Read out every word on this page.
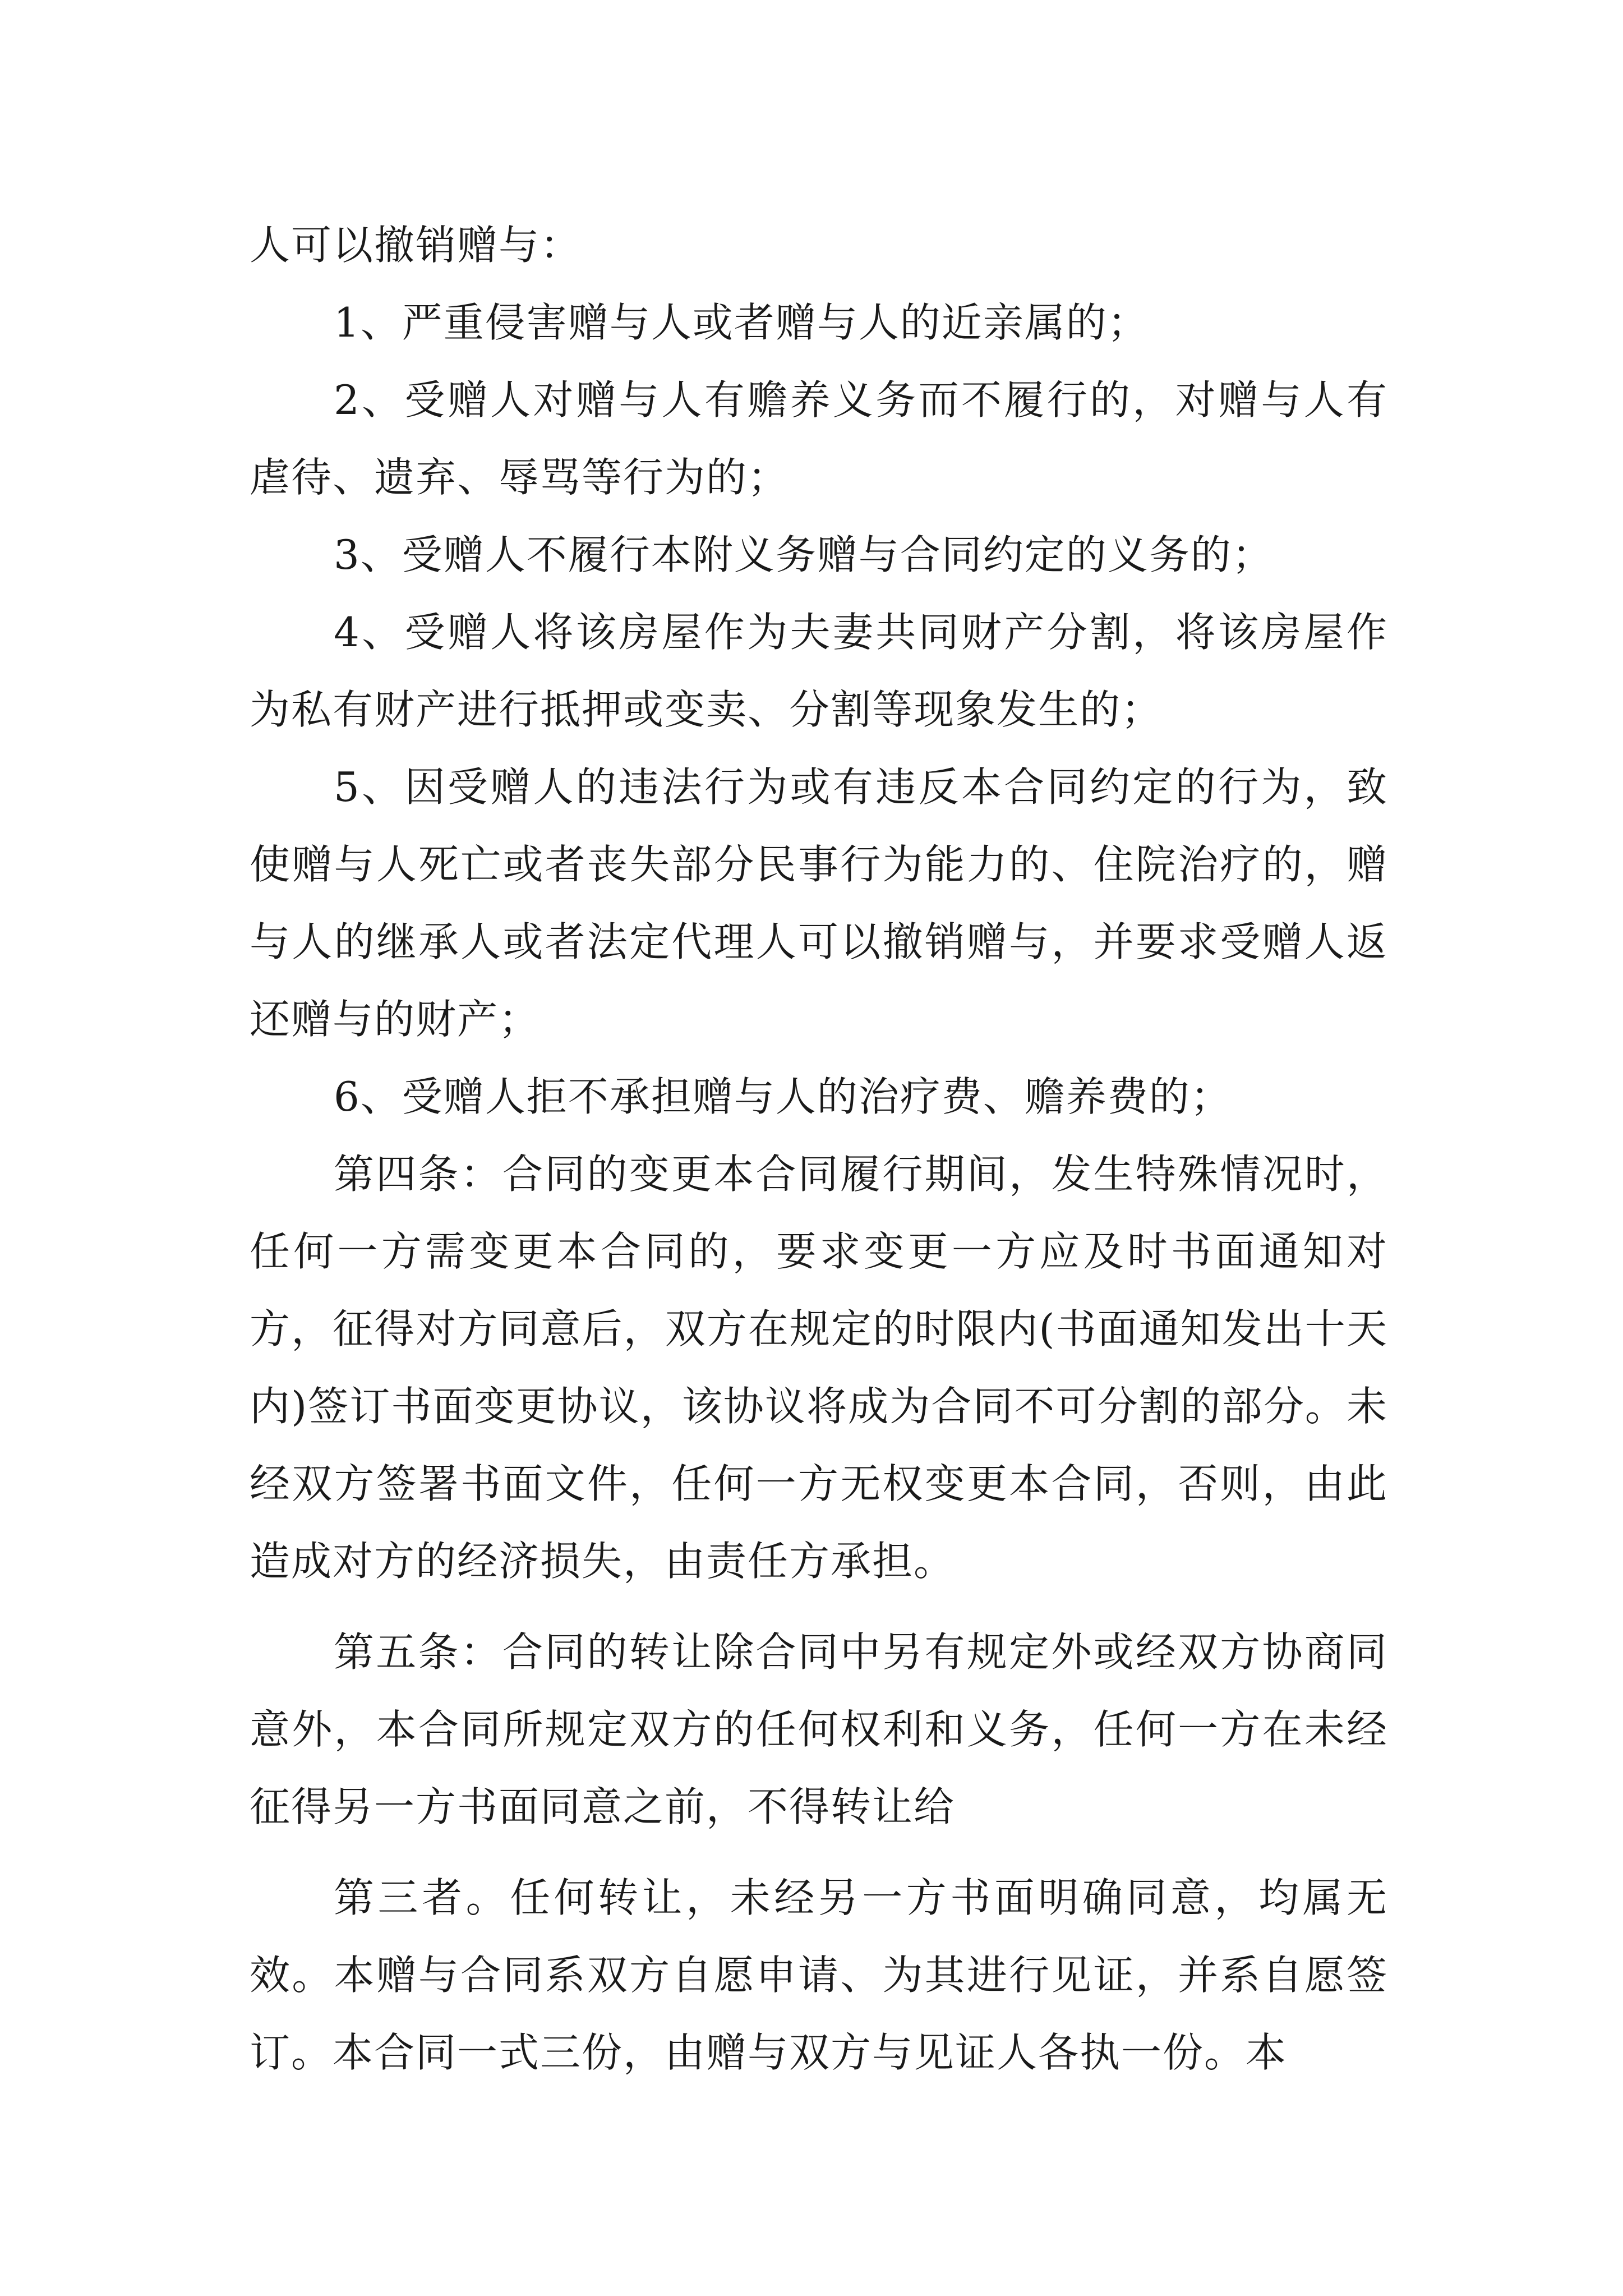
人可以撤销赠与：

1、严重侵害赠与人或者赠与人的近亲属的；

2、受赠人对赠与人有赡养义务而不履行的，对赠与人有虐待、遗弃、辱骂等行为的；

3、受赠人不履行本附义务赠与合同约定的义务的；

4、受赠人将该房屋作为夫妻共同财产分割，将该房屋作为私有财产进行抵押或变卖、分割等现象发生的；

5、因受赠人的违法行为或有违反本合同约定的行为，致使赠与人死亡或者丧失部分民事行为能力的、住院治疗的，赠与人的继承人或者法定代理人可以撤销赠与，并要求受赠人返还赠与的财产；

6、受赠人拒不承担赠与人的治疗费、赡养费的；

第四条：合同的变更本合同履行期间，发生特殊情况时，任何一方需变更本合同的，要求变更一方应及时书面通知对方，征得对方同意后，双方在规定的时限内(书面通知发出十天内)签订书面变更协议，该协议将成为合同不可分割的部分。未经双方签署书面文件，任何一方无权变更本合同，否则，由此造成对方的经济损失，由责任方承担。

第五条：合同的转让除合同中另有规定外或经双方协商同意外，本合同所规定双方的任何权利和义务，任何一方在未经征得另一方书面同意之前，不得转让给

第三者。任何转让，未经另一方书面明确同意，均属无效。本赠与合同系双方自愿申请、为其进行见证，并系自愿签订。本合同一式三份，由赠与双方与见证人各执一份。本
